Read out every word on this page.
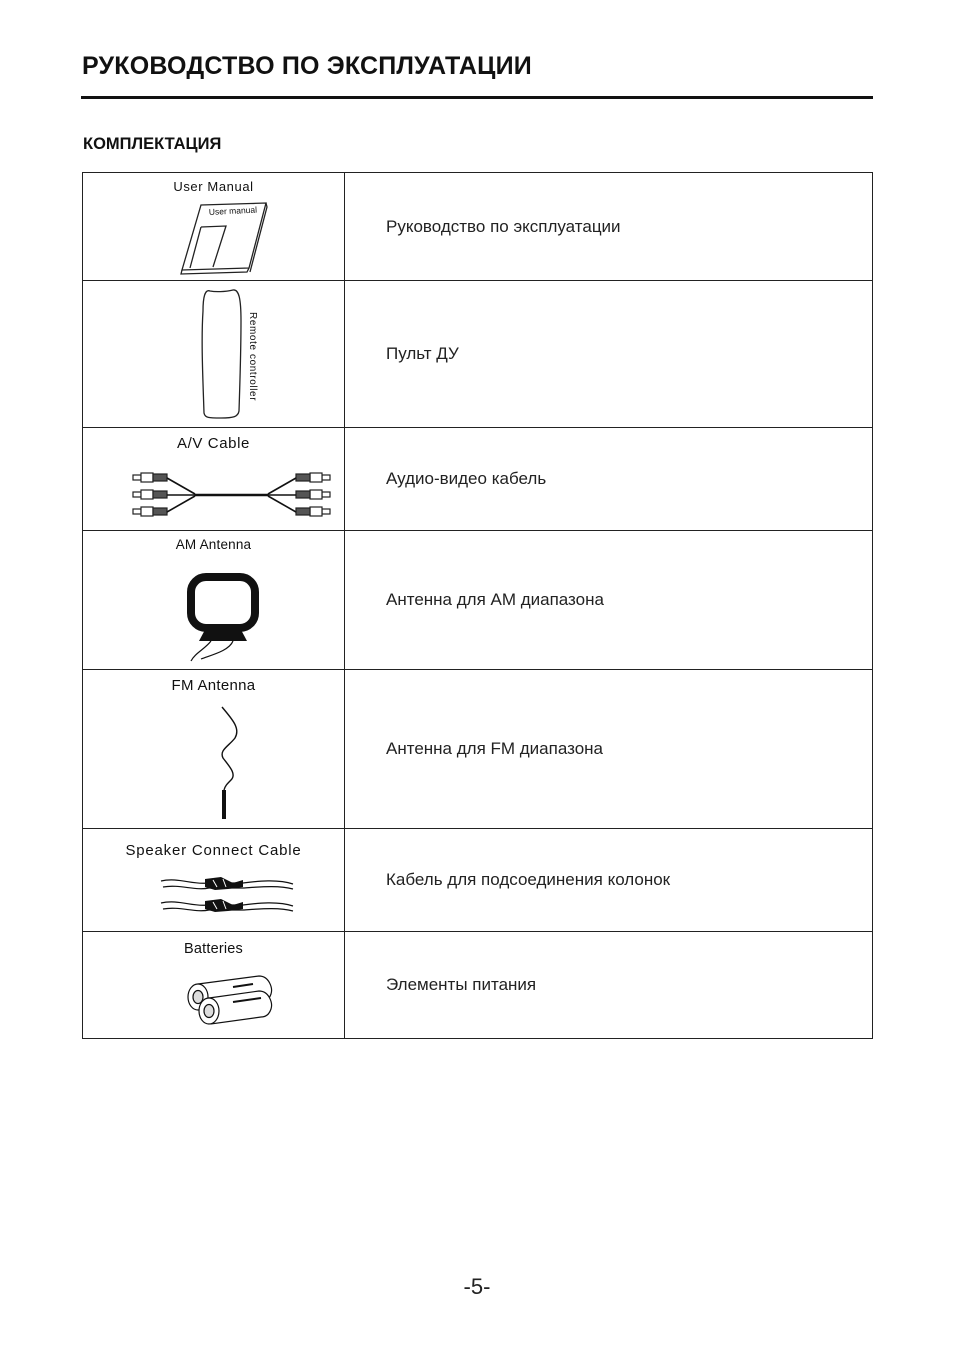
РУКОВОДСТВО ПО ЭКСПЛУАТАЦИИ
КОМПЛЕКТАЦИЯ
User Manual
User manual	Руководство по эксплуатации

Remote controller	Пульт ДУ

A/V Cable	Аудио-видео кабель

AM Antenna	Антенна для AM диапазона

FM Antenna	Антенна для FM диапазона

Speaker Connect Cable	Кабель для подсоединения колонок

Batteries	Элементы питания
-5-
